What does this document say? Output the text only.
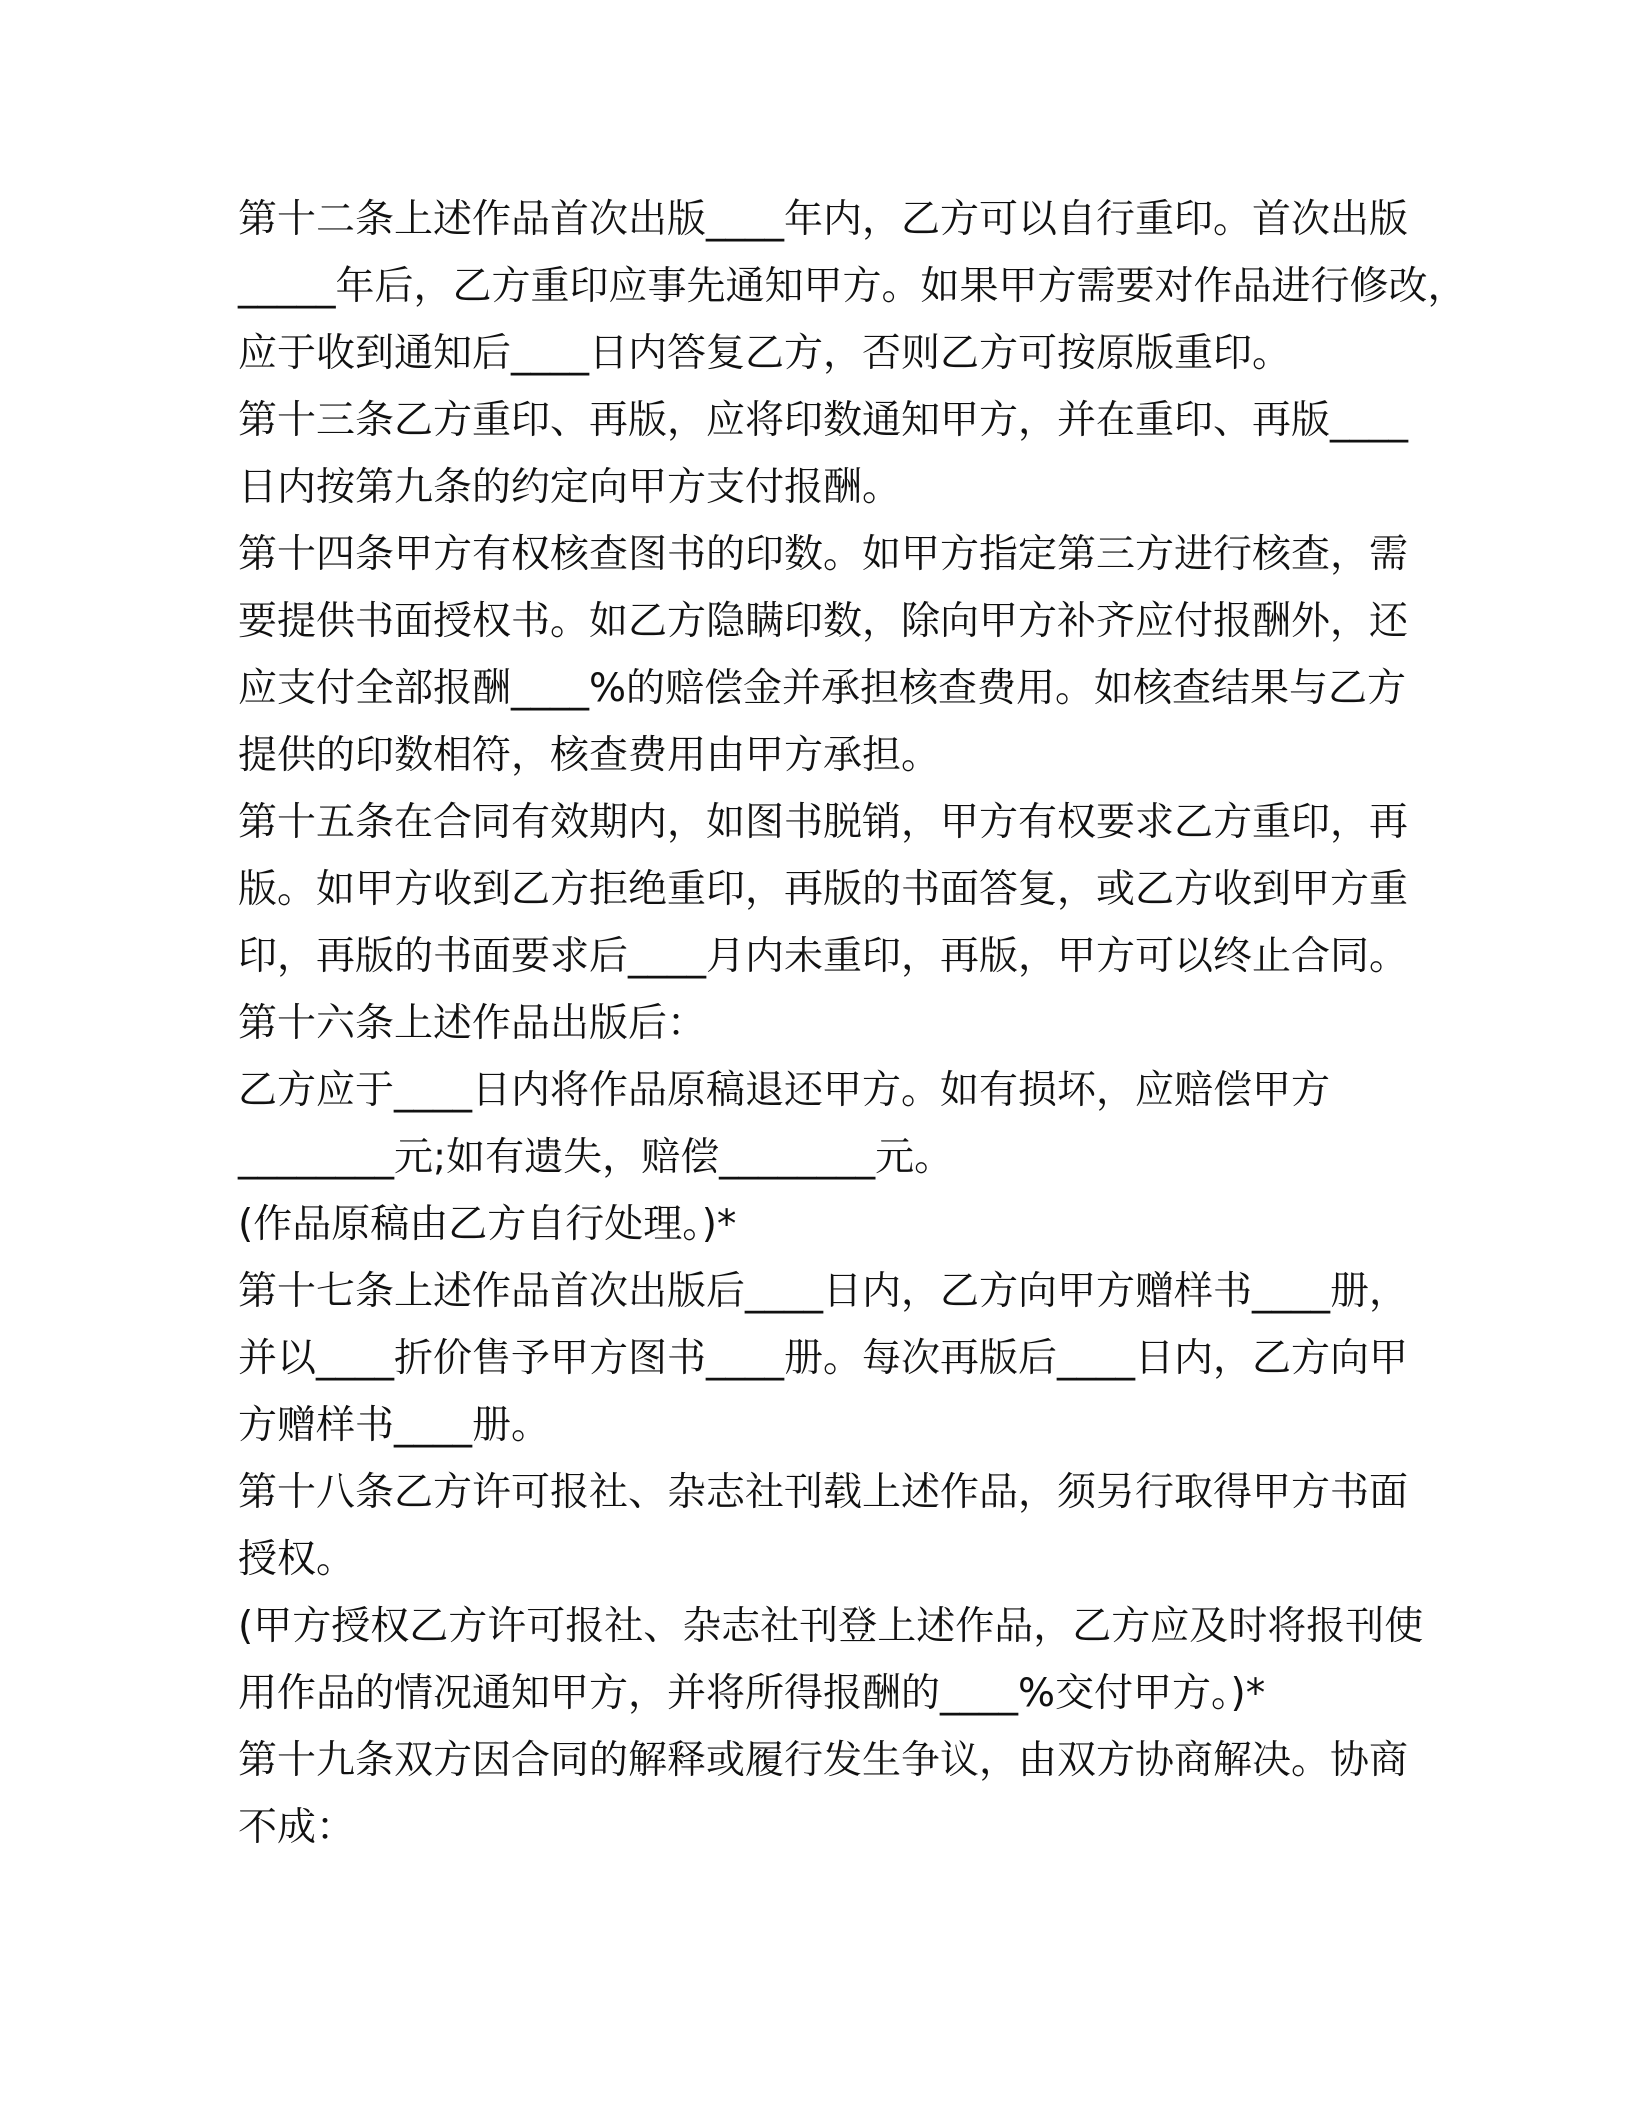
第十二条上述作品首次出版____年内，乙方可以自行重印。首次出版
_____年后，乙方重印应事先通知甲方。如果甲方需要对作品进行修改，
应于收到通知后____日内答复乙方，否则乙方可按原版重印。
第十三条乙方重印、再版，应将印数通知甲方，并在重印、再版____
日内按第九条的约定向甲方支付报酬。
第十四条甲方有权核查图书的印数。如甲方指定第三方进行核查，需
要提供书面授权书。如乙方隐瞒印数，除向甲方补齐应付报酬外，还
应支付全部报酬____%的赔偿金并承担核查费用。如核查结果与乙方
提供的印数相符，核查费用由甲方承担。
第十五条在合同有效期内，如图书脱销，甲方有权要求乙方重印，再
版。如甲方收到乙方拒绝重印，再版的书面答复，或乙方收到甲方重
印，再版的书面要求后____月内未重印，再版，甲方可以终止合同。
第十六条上述作品出版后：
乙方应于____日内将作品原稿退还甲方。如有损坏，应赔偿甲方
________元;如有遗失，赔偿________元。
(作品原稿由乙方自行处理。)*
第十七条上述作品首次出版后____日内，乙方向甲方赠样书____册，
并以____折价售予甲方图书____册。每次再版后____日内，乙方向甲
方赠样书____册。
第十八条乙方许可报社、杂志社刊载上述作品，须另行取得甲方书面
授权。
(甲方授权乙方许可报社、杂志社刊登上述作品，乙方应及时将报刊使
用作品的情况通知甲方，并将所得报酬的____%交付甲方。)*
第十九条双方因合同的解释或履行发生争议，由双方协商解决。协商
不成：
